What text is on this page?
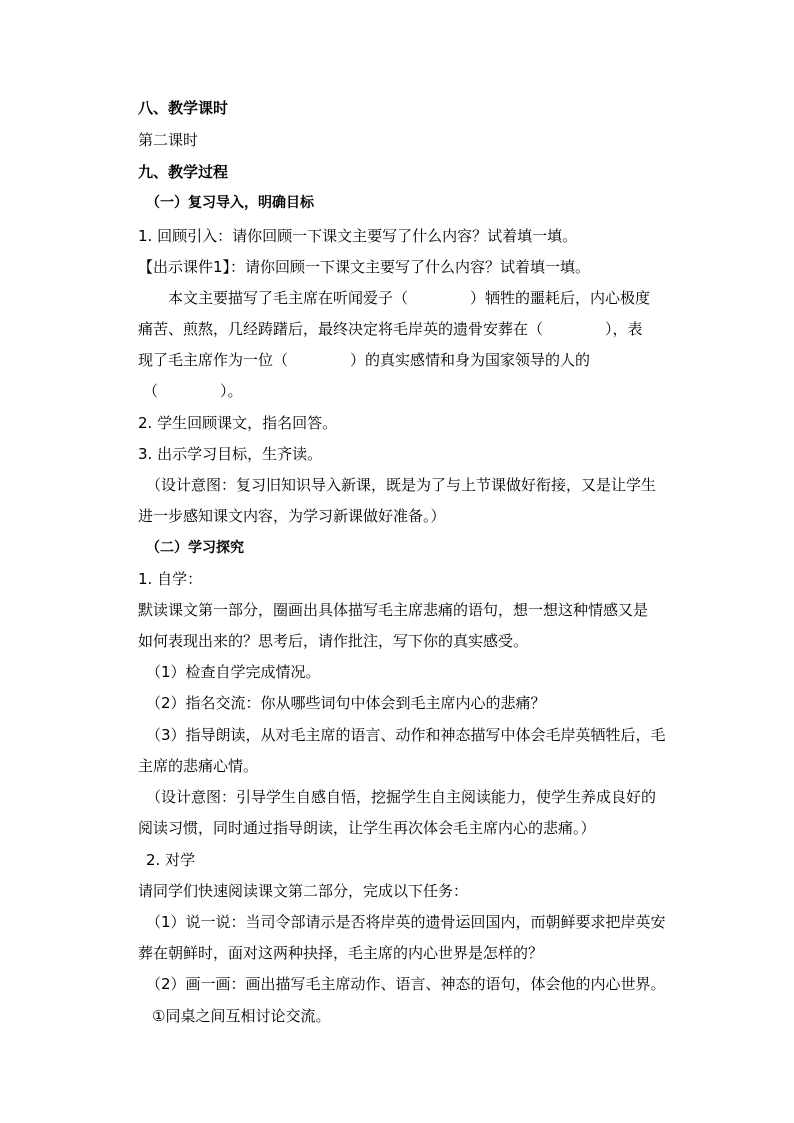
八、教学课时
第二课时
九、教学过程
（一）复习导入，明确目标
1. 回顾引入：请你回顾一下课文主要写了什么内容？试着填一填。
【出示课件1】：请你回顾一下课文主要写了什么内容？试着填一填。
本文主要描写了毛主席在听闻爱子（	）牺牲的噩耗后，内心极度
痛苦、煎熬，几经踌躇后，最终决定将毛岸英的遗骨安葬在（	），表
现了毛主席作为一位（	）的真实感情和身为国家领导的人的
（	）。
2. 学生回顾课文，指名回答。
3. 出示学习目标，生齐读。
（设计意图：复习旧知识导入新课，既是为了与上节课做好衔接，又是让学生
进一步感知课文内容，为学习新课做好准备。）
（二）学习探究
1. 自学：
默读课文第一部分，圈画出具体描写毛主席悲痛的语句，想一想这种情感又是
如何表现出来的？思考后，请作批注，写下你的真实感受。
（1）检查自学完成情况。
（2）指名交流：你从哪些词句中体会到毛主席内心的悲痛？
（3）指导朗读，从对毛主席的语言、动作和神态描写中体会毛岸英牺牲后，毛
主席的悲痛心情。
（设计意图：引导学生自感自悟，挖掘学生自主阅读能力，使学生养成良好的
阅读习惯，同时通过指导朗读，让学生再次体会毛主席内心的悲痛。）
2. 对学
请同学们快速阅读课文第二部分，完成以下任务：
（1）说一说：当司令部请示是否将岸英的遗骨运回国内，而朝鲜要求把岸英安
葬在朝鲜时，面对这两种抉择，毛主席的内心世界是怎样的？
（2）画一画：画出描写毛主席动作、语言、神态的语句，体会他的内心世界。
①同桌之间互相讨论交流。
